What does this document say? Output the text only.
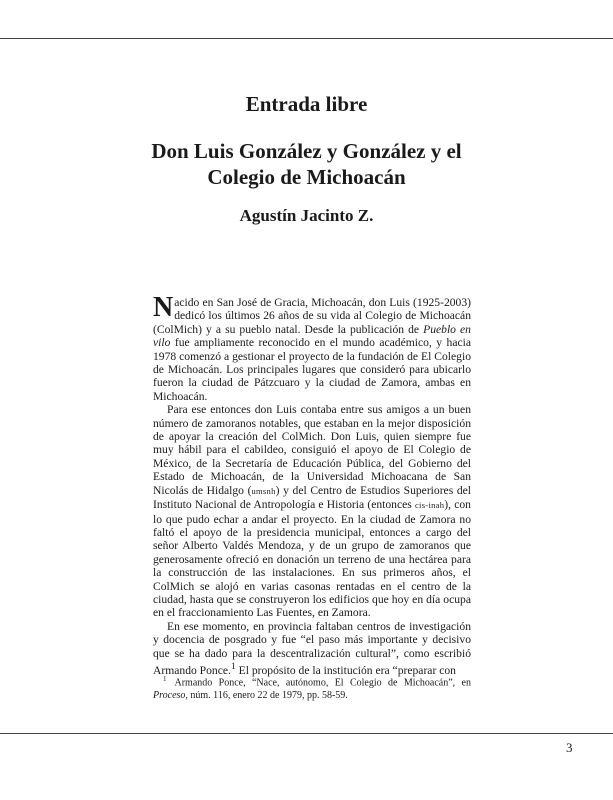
Entrada libre
Don Luis González y González y el
Colegio de Michoacán
Agustín Jacinto Z.

Nacido en San José de Gracia, Michoacán, don Luis (1925-2003) dedicó los últimos 26 años de su vida al Colegio de Michoacán (ColMich) y a su pueblo natal. Desde la publicación de Pueblo en vilo fue ampliamente reconocido en el mundo académico, y hacia 1978 comenzó a gestionar el proyecto de la fundación de El Colegio de Michoacán. Los principales lugares que consideró para ubicarlo fueron la ciudad de Pátzcuaro y la ciudad de Zamora, ambas en Michoacán.

Para ese entonces don Luis contaba entre sus amigos a un buen número de zamoranos notables, que estaban en la mejor disposición de apoyar la creación del ColMich. Don Luis, quien siempre fue muy hábil para el cabildeo, consiguió el apoyo de El Colegio de México, de la Secretaría de Educación Pública, del Gobierno del Estado de Michoacán, de la Universidad Michoacana de San Nicolás de Hidalgo (umsnh) y del Centro de Estudios Superiores del Instituto Nacional de Antropología e Historia (entonces cis-inah), con lo que pudo echar a andar el proyecto. En la ciudad de Zamora no faltó el apoyo de la presidencia municipal, entonces a cargo del señor Alberto Valdés Mendoza, y de un grupo de zamoranos que generosamente ofreció en donación un terreno de una hectárea para la construcción de las instalaciones. En sus primeros años, el ColMich se alojó en varias casonas rentadas en el centro de la ciudad, hasta que se construyeron los edificios que hoy en día ocupa en el fraccionamiento Las Fuentes, en Zamora.

En ese momento, en provincia faltaban centros de investigación y docencia de posgrado y fue “el paso más importante y decisivo que se ha dado para la descentralización cultural”, como escribió Armando Ponce.$^1$ El propósito de la institución era “preparar con

$^1$ Armando Ponce, “Nace, autónomo, El Colegio de Michoacán”, en Proceso, núm. 116, enero 22 de 1979, pp. 58-59.
3
